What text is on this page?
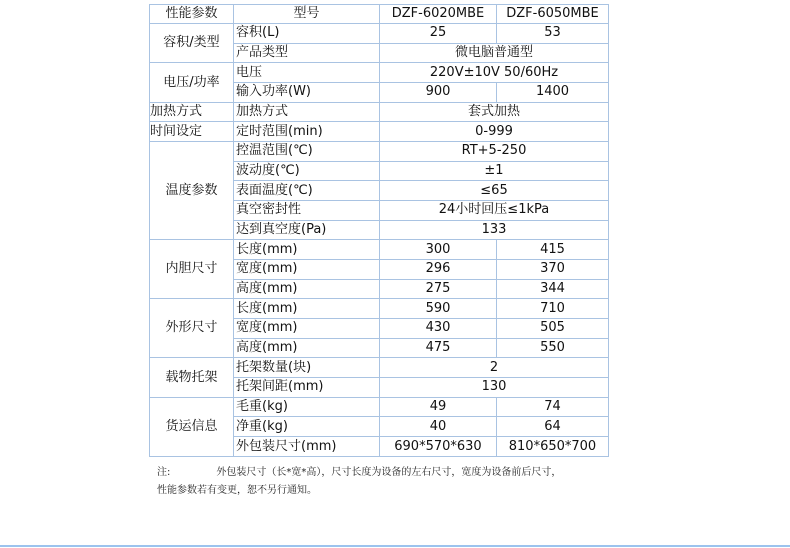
性能参数	型号	DZF-6020MBE	DZF-6050MBE
容积/类型	容积(L)	25	53
	产品类型	微电脑普通型	
电压/功率	电压	220V±10V 50/60Hz	
	输入功率(W)	900	1400
加热方式	加热方式	套式加热	
时间设定	定时范围(min)	0-999	
温度参数	控温范围(℃)	RT+5-250	
	波动度(℃)	±1	
	表面温度(℃)	≤65	
	真空密封性	24小时回压≤1kPa	
	达到真空度(Pa)	133	
内胆尺寸	长度(mm)	300	415
	宽度(mm)	296	370
	高度(mm)	275	344
外形尺寸	长度(mm)	590	710
	宽度(mm)	430	505
	高度(mm)	475	550
载物托架	托架数量(块)	2	
	托架间距(mm)	130	
货运信息	毛重(kg)	49	74
	净重(kg)	40	64
	外包装尺寸(mm)	690*570*630	810*650*700
注:	外包装尺寸（长*宽*高），尺寸长度为设备的左右尺寸，宽度为设备前后尺寸，
性能参数若有变更，恕不另行通知。
